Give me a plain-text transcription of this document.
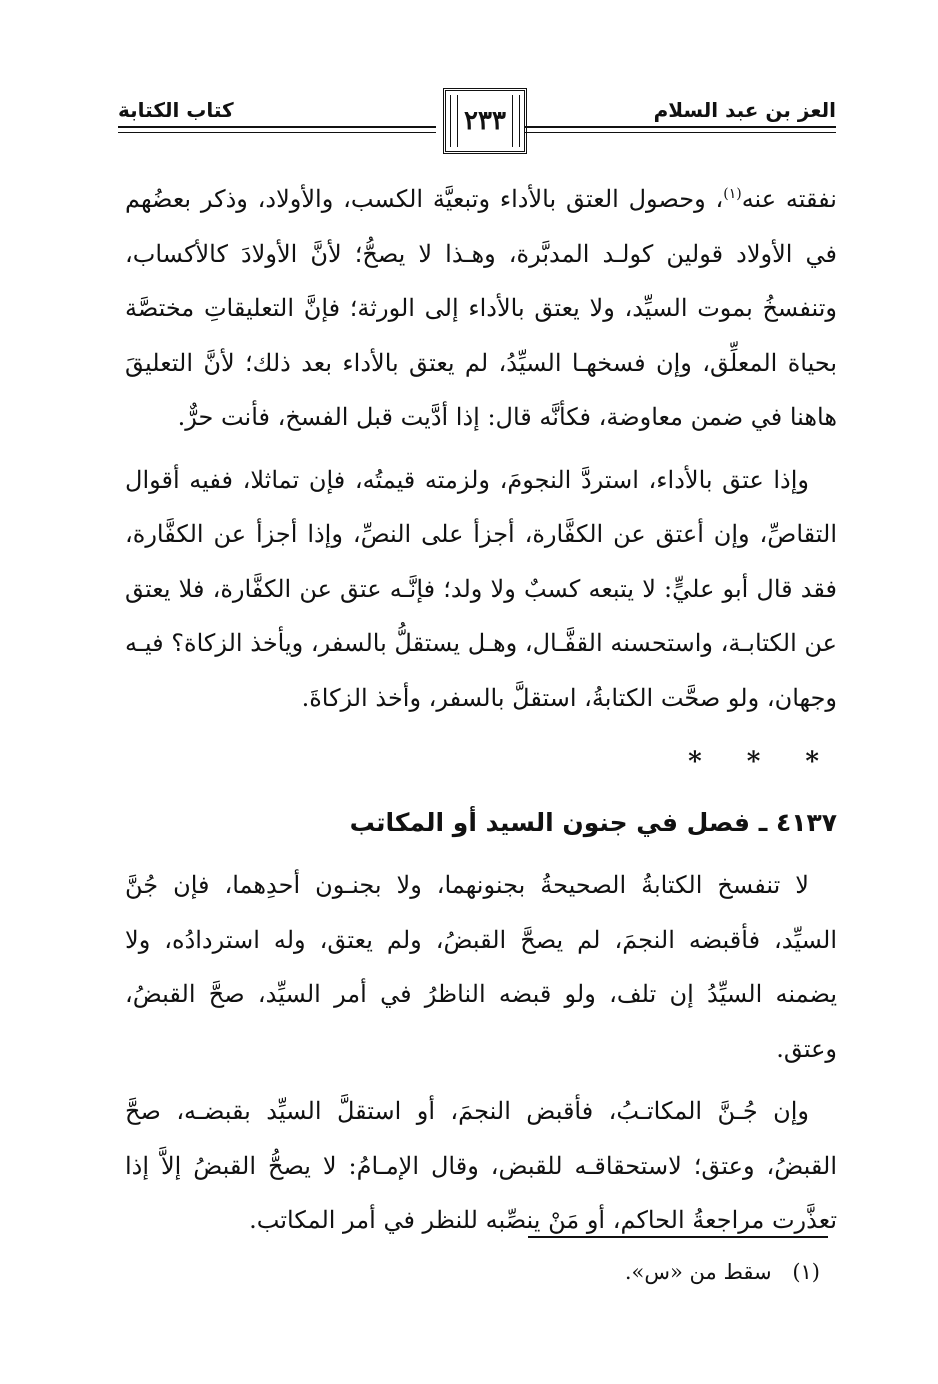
العز بن عبد السلام
كتاب الكتابة	٢٣٣

نفقته عنه$^{(١)}$، وحصول العتق بالأداء وتبعيَّة الكسب، والأولاد، وذكر بعضُهم في الأولاد قولين كولـد المدبَّرة، وهـذا لا يصحُّ؛ لأنَّ الأولادَ كالأكساب، وتنفسخُ بموت السيِّد، ولا يعتق بالأداء إلى الورثة؛ فإنَّ التعليقاتِ مختصَّة بحياة المعلِّق، وإن فسخهـا السيِّدُ، لم يعتق بالأداء بعد ذلك؛ لأنَّ التعليقَ هاهنا في ضمن معاوضة، فكأنَّه قال: إذا أدَّيت قبل الفسخ، فأنت حرٌّ.

وإذا عتق بالأداء، استردَّ النجومَ، ولزمته قيمتُه، فإن تماثلا، ففيه أقوال التقاصِّ، وإن أعتق عن الكفَّارة، أجزأ على النصِّ، وإذا أجزأ عن الكفَّارة، فقد قال أبو عليٍّ: لا يتبعه كسبٌ ولا ولد؛ فإنَّـه عتق عن الكفَّارة، فلا يعتق عن الكتابـة، واستحسنه القفَّـال، وهـل يستقلُّ بالسفر، ويأخذ الزكاة؟ فيـه وجهان، ولو صحَّت الكتابةُ، استقلَّ بالسفر، وأخذ الزكاةَ.

* * *
٤١٣٧ ـ فصل في جنون السيد أو المكاتب

لا تنفسخ الكتابةُ الصحيحةُ بجنونهما، ولا بجنـون أحدِهما، فإن جُنَّ السيِّد، فأقبضه النجمَ، لم يصحَّ القبضُ، ولم يعتق، وله استردادُه، ولا يضمنه السيِّدُ إن تلف، ولو قبضه الناظرُ في أمر السيِّد، صحَّ القبضُ، وعتق.

وإن جُـنَّ المكاتـبُ، فأقبض النجمَ، أو استقلَّ السيِّد بقبضـه، صحَّ القبضُ، وعتق؛ لاستحقاقـه للقبض، وقال الإمـامُ: لا يصحُّ القبضُ إلاَّ إذا تعذَّرت مراجعةُ الحاكم، أو مَنْ ينصِّبه للنظر في أمر المكاتب.

(١) سقط من «س».
